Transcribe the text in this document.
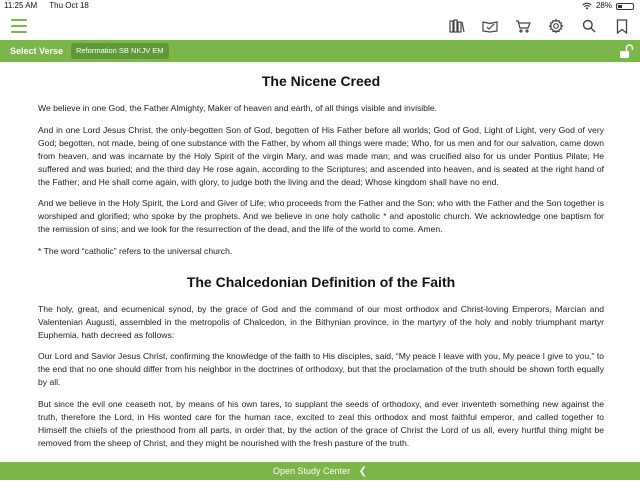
11:25 AM Thu Oct 18	28%
Select Verse	Reformation SB NKJV EM
The Nicene Creed

We believe in one God, the Father Almighty, Maker of heaven and earth, of all things visible and invisible.

And in one Lord Jesus Christ, the only-begotten Son of God, begotten of His Father before all worlds; God of God, Light of Light, very God of very God; begotten, not made, being of one substance with the Father, by whom all things were made; Who, for us men and for our salvation, came down from heaven, and was incarnate by the Holy Spirit of the virgin Mary, and was made man; and was crucified also for us under Pontius Pilate; He suffered and was buried; and the third day He rose again, according to the Scriptures; and ascended into heaven, and is seated at the right hand of the Father; and He shall come again, with glory, to judge both the living and the dead; Whose kingdom shall have no end.

And we believe in the Holy Spirit, the Lord and Giver of Life; who proceeds from the Father and the Son; who with the Father and the Son together is worshiped and glorified; who spoke by the prophets. And we believe in one holy catholic * and apostolic church. We acknowledge one baptism for the remission of sins; and we look for the resurrection of the dead, and the life of the world to come. Amen.

* The word “catholic” refers to the universal church.

The Chalcedonian Definition of the Faith

The holy, great, and ecumenical synod, by the grace of God and the command of our most orthodox and Christ-loving Emperors, Marcian and Valentenian Augusti, assembled in the metropolis of Chalcedon, in the Bithynian province, in the martyry of the holy and nobly triumphant martyr Euphemia, hath decreed as follows:

Our Lord and Savior Jesus Christ, confirming the knowledge of the faith to His disciples, said, “My peace I leave with you, My peace I give to you,” to the end that no one should differ from his neighbor in the doctrines of orthodoxy, but that the proclamation of the truth should be shown forth equally by all.

But since the evil one ceaseth not, by means of his own tares, to supplant the seeds of orthodoxy, and ever inventeth something new against the truth, therefore the Lord, in His wonted care for the human race, excited to zeal this orthodox and most faithful emperor, and called together to Himself the chiefs of the priesthood from all parts, in order that, by the action of the grace of Christ the Lord of us all, every hurtful thing might be removed from the sheep of Christ, and they might be nourished with the fresh pasture of the truth.

Open Study Center ❮
